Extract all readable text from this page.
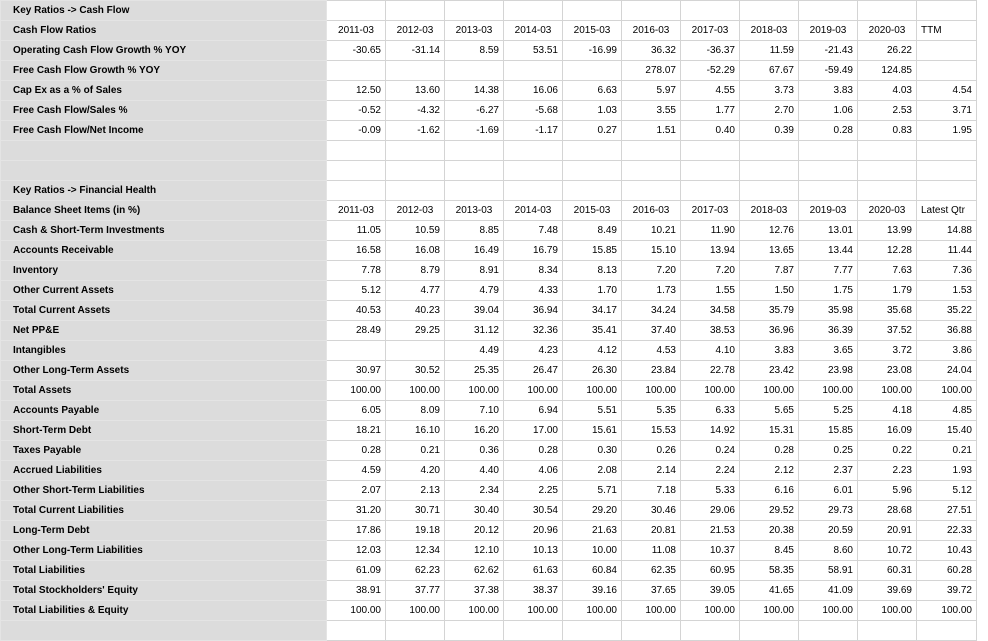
Key Ratios -> Cash Flow											
Cash Flow Ratios	2011-03	2012-03	2013-03	2014-03	2015-03	2016-03	2017-03	2018-03	2019-03	2020-03	TTM
Operating Cash Flow Growth % YOY	-30.65	-31.14	8.59	53.51	-16.99	36.32	-36.37	11.59	-21.43	26.22	
Free Cash Flow Growth % YOY						278.07	-52.29	67.67	-59.49	124.85	
Cap Ex as a % of Sales	12.50	13.60	14.38	16.06	6.63	5.97	4.55	3.73	3.83	4.03	4.54
Free Cash Flow/Sales %	-0.52	-4.32	-6.27	-5.68	1.03	3.55	1.77	2.70	1.06	2.53	3.71
Free Cash Flow/Net Income	-0.09	-1.62	-1.69	-1.17	0.27	1.51	0.40	0.39	0.28	0.83	1.95

Key Ratios -> Financial Health											
Balance Sheet Items (in %)	2011-03	2012-03	2013-03	2014-03	2015-03	2016-03	2017-03	2018-03	2019-03	2020-03	Latest Qtr
Cash & Short-Term Investments	11.05	10.59	8.85	7.48	8.49	10.21	11.90	12.76	13.01	13.99	14.88
Accounts Receivable	16.58	16.08	16.49	16.79	15.85	15.10	13.94	13.65	13.44	12.28	11.44
Inventory	7.78	8.79	8.91	8.34	8.13	7.20	7.20	7.87	7.77	7.63	7.36
Other Current Assets	5.12	4.77	4.79	4.33	1.70	1.73	1.55	1.50	1.75	1.79	1.53
Total Current Assets	40.53	40.23	39.04	36.94	34.17	34.24	34.58	35.79	35.98	35.68	35.22
Net PP&E	28.49	29.25	31.12	32.36	35.41	37.40	38.53	36.96	36.39	37.52	36.88
Intangibles			4.49	4.23	4.12	4.53	4.10	3.83	3.65	3.72	3.86
Other Long-Term Assets	30.97	30.52	25.35	26.47	26.30	23.84	22.78	23.42	23.98	23.08	24.04
Total Assets	100.00	100.00	100.00	100.00	100.00	100.00	100.00	100.00	100.00	100.00	100.00
Accounts Payable	6.05	8.09	7.10	6.94	5.51	5.35	6.33	5.65	5.25	4.18	4.85
Short-Term Debt	18.21	16.10	16.20	17.00	15.61	15.53	14.92	15.31	15.85	16.09	15.40
Taxes Payable	0.28	0.21	0.36	0.28	0.30	0.26	0.24	0.28	0.25	0.22	0.21
Accrued Liabilities	4.59	4.20	4.40	4.06	2.08	2.14	2.24	2.12	2.37	2.23	1.93
Other Short-Term Liabilities	2.07	2.13	2.34	2.25	5.71	7.18	5.33	6.16	6.01	5.96	5.12
Total Current Liabilities	31.20	30.71	30.40	30.54	29.20	30.46	29.06	29.52	29.73	28.68	27.51
Long-Term Debt	17.86	19.18	20.12	20.96	21.63	20.81	21.53	20.38	20.59	20.91	22.33
Other Long-Term Liabilities	12.03	12.34	12.10	10.13	10.00	11.08	10.37	8.45	8.60	10.72	10.43
Total Liabilities	61.09	62.23	62.62	61.63	60.84	62.35	60.95	58.35	58.91	60.31	60.28
Total Stockholders' Equity	38.91	37.77	37.38	38.37	39.16	37.65	39.05	41.65	41.09	39.69	39.72
Total Liabilities & Equity	100.00	100.00	100.00	100.00	100.00	100.00	100.00	100.00	100.00	100.00	100.00
